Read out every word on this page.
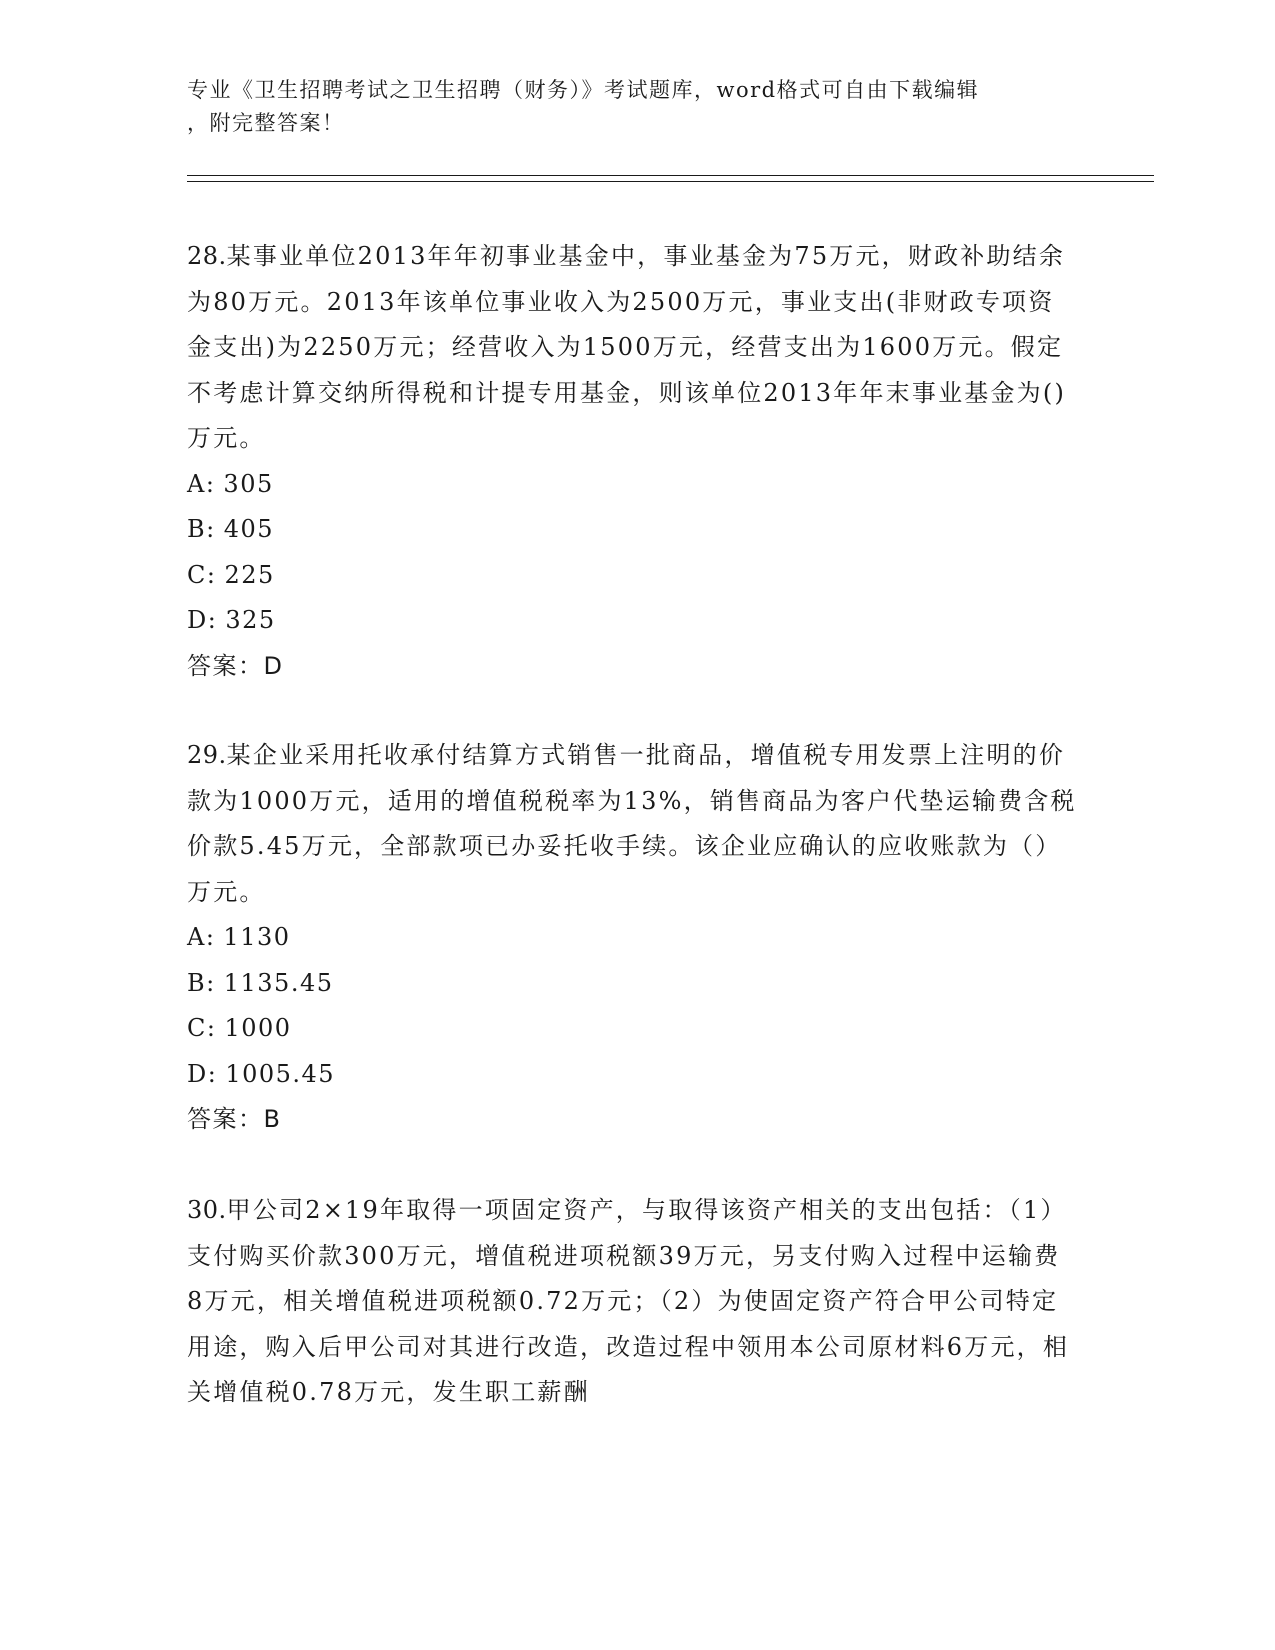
专业《卫生招聘考试之卫生招聘（财务）》考试题库，word格式可自由下载编辑
，附完整答案！

28.某事业单位2013年年初事业基金中，事业基金为75万元，财政补助结余为80万元。2013年该单位事业收入为2500万元，事业支出(非财政专项资金支出)为2250万元；经营收入为1500万元，经营支出为1600万元。假定不考虑计算交纳所得税和计提专用基金，则该单位2013年年末事业基金为()万元。

A: 305

B: 405

C: 225

D: 325

答案：D

29.某企业采用托收承付结算方式销售一批商品，增值税专用发票上注明的价款为1000万元，适用的增值税税率为13%，销售商品为客户代垫运输费含税价款5.45万元，全部款项已办妥托收手续。该企业应确认的应收账款为（）万元。

A: 1130

B: 1135.45

C: 1000

D: 1005.45

答案：B

30.甲公司2×19年取得一项固定资产，与取得该资产相关的支出包括：（1）支付购买价款300万元，增值税进项税额39万元，另支付购入过程中运输费8万元，相关增值税进项税额0.72万元；（2）为使固定资产符合甲公司特定用途，购入后甲公司对其进行改造，改造过程中领用本公司原材料6万元，相关增值税0.78万元，发生职工薪酬
